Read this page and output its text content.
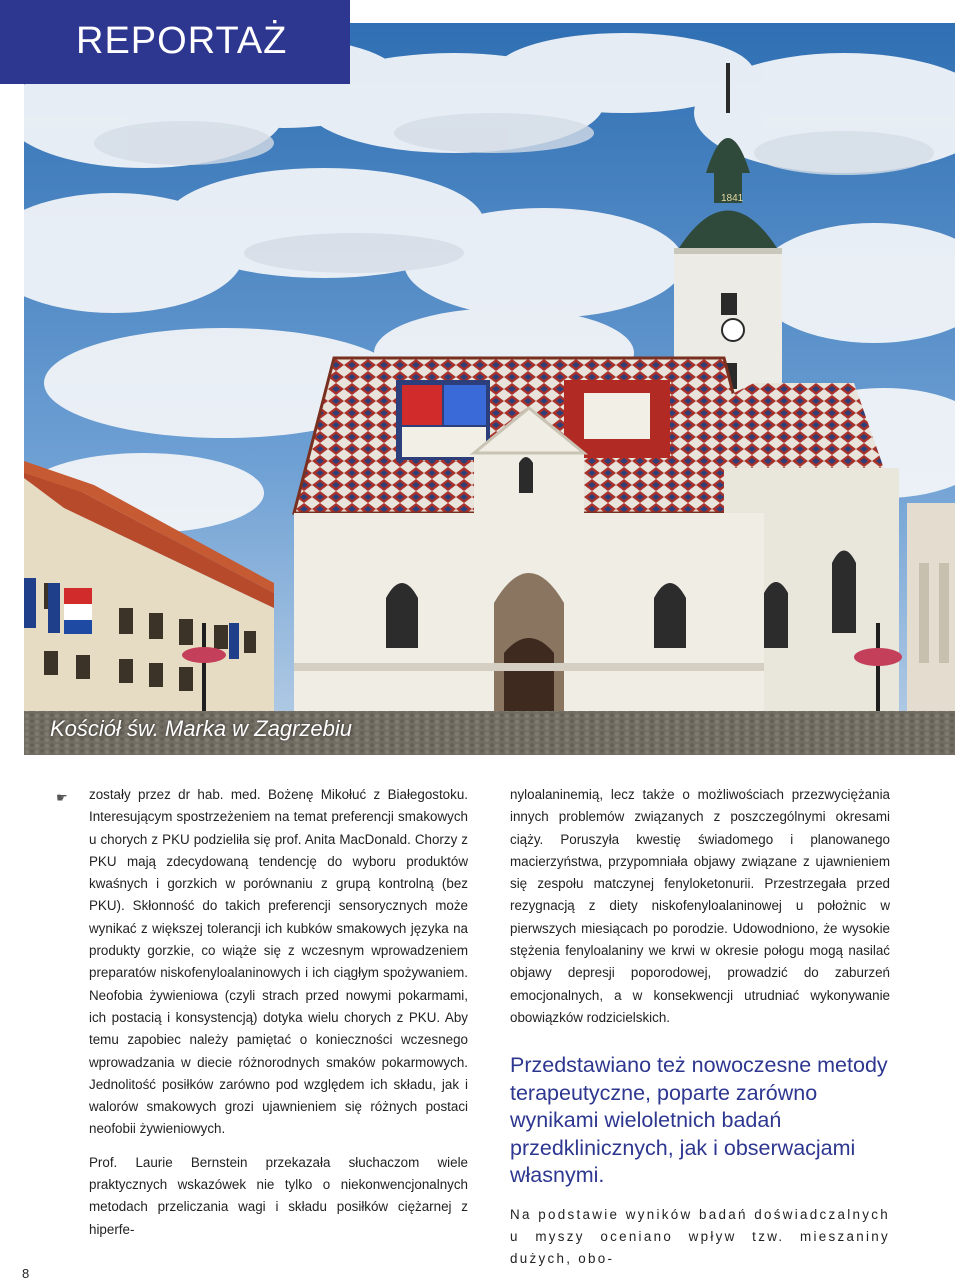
1841
REPORTAŻ
Kościół św. Marka w Zagrzebiu
☛ zostały przez dr hab. med. Bożenę Mikołuć z Białegostoku. Interesującym spostrzeżeniem na temat preferencji smakowych u chorych z PKU podzieliła się prof. Anita MacDonald. Chorzy z PKU mają zdecydowaną tendencję do wyboru produktów kwaśnych i gorzkich w porównaniu z grupą kontrolną (bez PKU). Skłonność do takich preferencji sensorycznych może wynikać z większej tolerancji ich kubków smakowych języka na produkty gorzkie, co wiąże się z wczesnym wprowadzeniem preparatów niskofenyloalaninowych i ich ciągłym spożywaniem. Neofobia żywieniowa (czyli strach przed nowymi pokarmami, ich postacią i konsystencją) dotyka wielu chorych z PKU. Aby temu zapobiec należy pamiętać o konieczności wczesnego wprowadzania w diecie różnorodnych smaków pokarmowych. Jednolitość posiłków zarówno pod względem ich składu, jak i walorów smakowych grozi ujawnieniem się różnych postaci neofobii żywieniowych.

Prof. Laurie Bernstein przekazała słuchaczom wiele praktycznych wskazówek nie tylko o niekonwencjonalnych metodach przeliczania wagi i składu posiłków ciężarnej z hiperfe-

nyloalaninemią, lecz także o możliwościach przezwyciężania innych problemów związanych z poszczególnymi okresami ciąży. Poruszyła kwestię świadomego i planowanego macierzyństwa, przypomniała objawy związane z ujawnieniem się zespołu matczynej fenyloketonurii. Przestrzegała przed rezygnacją z diety niskofenyloalaninowej u położnic w pierwszych miesiącach po porodzie. Udowodniono, że wysokie stężenia fenyloalaniny we krwi w okresie połogu mogą nasilać objawy depresji poporodowej, prowadzić do zaburzeń emocjonalnych, a w konsekwencji utrudniać wykonywanie obowiązków rodzicielskich.

Przedstawiano też nowoczesne metody terapeutyczne, poparte zarówno wynikami wieloletnich badań przedklinicznych, jak i obserwacjami własnymi.

Na podstawie wyników badań doświadczalnych u myszy oceniano wpływ tzw. mieszaniny dużych, obo-

8
